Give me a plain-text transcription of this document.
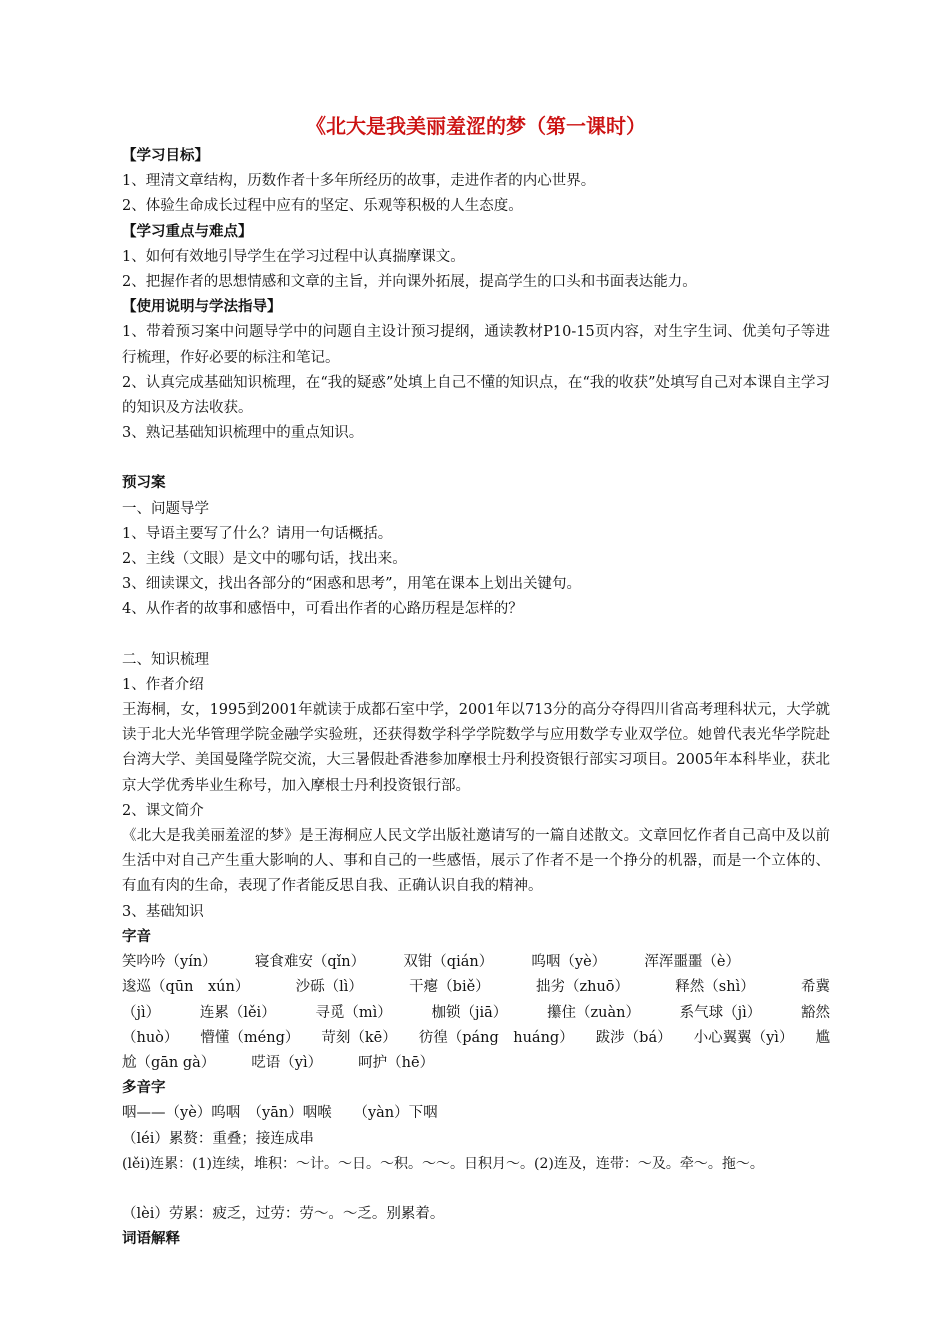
《北大是我美丽羞涩的梦（第一课时）
【学习目标】
1、理清文章结构，历数作者十多年所经历的故事，走进作者的内心世界。
2、体验生命成长过程中应有的坚定、乐观等积极的人生态度。
【学习重点与难点】
1、如何有效地引导学生在学习过程中认真揣摩课文。
2、把握作者的思想情感和文章的主旨，并向课外拓展，提高学生的口头和书面表达能力。
【使用说明与学法指导】
1、带着预习案中问题导学中的问题自主设计预习提纲，通读教材P10-15页内容，对生字生词、优美句子等进行梳理，作好必要的标注和笔记。
2、认真完成基础知识梳理，在“我的疑惑”处填上自己不懂的知识点，在“我的收获”处填写自己对本课自主学习的知识及方法收获。
3、熟记基础知识梳理中的重点知识。
预习案
一、问题导学
1、导语主要写了什么？请用一句话概括。
2、主线（文眼）是文中的哪句话，找出来。
3、细读课文，找出各部分的“困惑和思考”，用笔在课本上划出关键句。
4、从作者的故事和感悟中，可看出作者的心路历程是怎样的？
二、知识梳理
1、作者介绍
王海桐，女，1995到2001年就读于成都石室中学，2001年以713分的高分夺得四川省高考理科状元，大学就读于北大光华管理学院金融学实验班，还获得数学科学学院数学与应用数学专业双学位。她曾代表光华学院赴台湾大学、美国曼隆学院交流，大三暑假赴香港参加摩根士丹利投资银行部实习项目。2005年本科毕业，获北京大学优秀毕业生称号，加入摩根士丹利投资银行部。
2、课文简介
《北大是我美丽羞涩的梦》是王海桐应人民文学出版社邀请写的一篇自述散文。文章回忆作者自己高中及以前生活中对自己产生重大影响的人、事和自己的一些感悟，展示了作者不是一个挣分的机器，而是一个立体的、有血有肉的生命，表现了作者能反思自我、正确认识自我的精神。
3、基础知识
字音
笑吟吟（yín）	寝食难安（qǐn）	双钳（qián）	呜咽（yè）	浑浑噩噩（è）
逡巡（qūn　xún）	沙砾（lì）	干瘪（biě）	拙劣（zhuō）	释然（shì）	希冀
（jì）	连累（lěi）	寻觅（mì）	枷锁（jiā）	攥住（zuàn）	系气球（jì）	豁然
（huò） 懵懂（méng） 苛刻（kē） 彷徨（páng　huáng） 跋涉（bá） 小心翼翼（yì） 尴
尬（gān gà） 呓语（yì） 呵护（hē）
多音字
咽——（yè）呜咽　（yān）咽喉　　（yàn）下咽
（léi）累赘：重叠；接连成串
(lěi)连累：(1)连续，堆积：～计。～日。～积。～～。日积月～。(2)连及，连带：～及。牵～。拖～。
（lèi）劳累：疲乏，过劳：劳～。～乏。别累着。
词语解释
